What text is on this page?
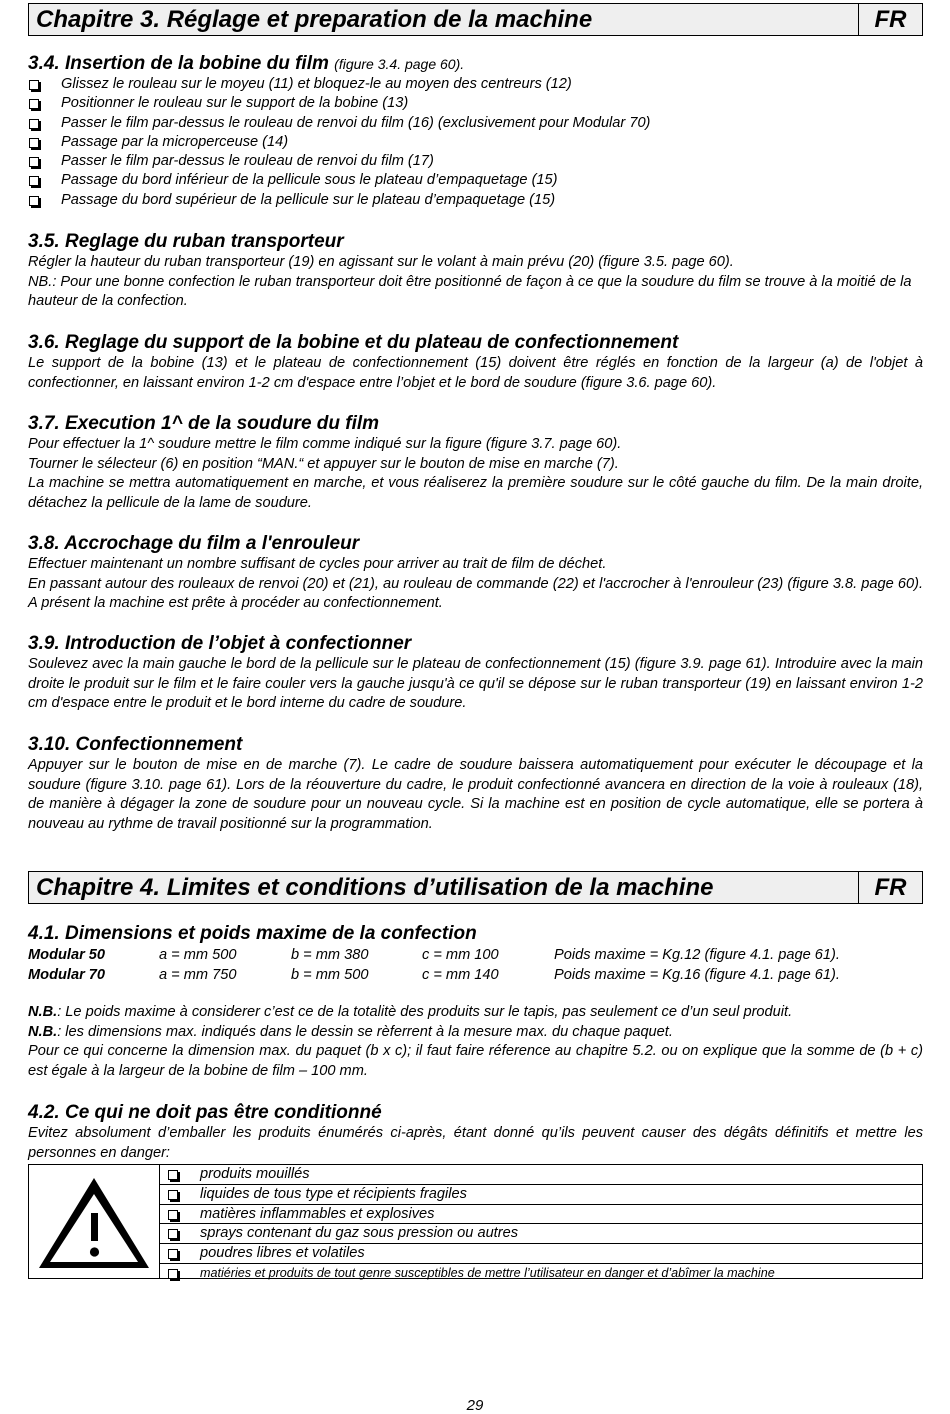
Chapitre 3. Réglage et preparation de la machine	FR
3.4. Insertion de la bobine du film (figure 3.4. page 60).
Glissez le rouleau sur le moyeu (11) et bloquez-le au moyen des centreurs (12)
Positionner le rouleau sur le support de la bobine (13)
Passer le film par-dessus le rouleau de renvoi du film (16) (exclusivement pour Modular 70)
Passage par la microperceuse (14)
Passer le film par-dessus le rouleau de renvoi du film (17)
Passage du bord inférieur de la pellicule sous le plateau d’empaquetage (15)
Passage du bord supérieur de la pellicule sur le plateau d’empaquetage (15)
3.5. Reglage du ruban transporteur
Régler la hauteur du ruban transporteur (19) en agissant sur le volant à main prévu (20) (figure 3.5. page 60).
NB.: Pour une bonne confection le ruban transporteur doit être positionné de façon à ce que la soudure du film se trouve à la moitié de la hauteur de la confection.
3.6. Reglage du support de la bobine et du plateau de confectionnement
Le support de la bobine (13) et le plateau de confectionnement (15) doivent être réglés en fonction de la largeur (a) de l'objet à confectionner, en laissant environ 1-2 cm d'espace entre l’objet et le bord de soudure (figure 3.6. page 60).
3.7. Execution 1^ de la soudure du film
Pour effectuer la 1^ soudure mettre le film comme indiqué sur la figure (figure 3.7. page 60).
Tourner le sélecteur (6) en position “MAN.“ et appuyer sur le bouton de mise en marche (7).
La machine se mettra automatiquement en marche, et vous réaliserez la première soudure sur le côté gauche du film. De la main droite, détachez la pellicule de la lame de soudure.
3.8. Accrochage du film a l'enrouleur
Effectuer maintenant un nombre suffisant de cycles pour arriver au trait de film de déchet.
En passant autour des rouleaux de renvoi (20) et (21), au rouleau de commande (22) et l'accrocher à l'enrouleur (23) (figure 3.8. page 60). A présent la machine est prête à procéder au confectionnement.
3.9. Introduction de l’objet à confectionner
Soulevez avec la main gauche le bord de la pellicule sur le plateau de confectionnement (15) (figure 3.9. page 61). Introduire avec la main droite le produit sur le film et le faire couler vers la gauche jusqu'à ce qu'il se dépose sur le ruban transporteur (19) en laissant environ 1-2 cm d'espace entre le produit et le bord interne du cadre de soudure.
3.10. Confectionnement
Appuyer sur le bouton de mise en de marche (7). Le cadre de soudure baissera automatiquement pour exécuter le découpage et la soudure (figure 3.10. page 61). Lors de la réouverture du cadre, le produit confectionné avancera en direction de la voie à rouleaux (18), de manière à dégager la zone de soudure pour un nouveau cycle. Si la machine est en position de cycle automatique, elle se portera à nouveau au rythme de travail positionné sur la programmation.
Chapitre 4. Limites et conditions d’utilisation de la machine	FR
4.1. Dimensions et poids maxime de la confection
Modular 50	a = mm 500	b = mm 380	c = mm 100	Poids maxime = Kg.12 (figure 4.1. page 61).
Modular 70	a = mm 750	b = mm 500	c = mm 140	Poids maxime = Kg.16 (figure 4.1. page 61).
N.B.: Le poids maxime à considerer c’est ce de la totalitè des produits sur le tapis, pas seulement ce d’un seul produit.
N.B.: les dimensions max. indiqués dans le dessin se rèferrent à la mesure max. du chaque paquet.
Pour ce qui concerne la dimension max. du paquet (b x c); il faut faire réference au chapitre 5.2. ou on explique que la somme de (b + c) est égale à la largeur de la bobine de film – 100 mm.
4.2. Ce qui ne doit pas être conditionné
Evitez absolument d’emballer les produits énumérés ci-après, étant donné qu’ils peuvent causer des dégâts définitifs et mettre les personnes en danger:
produits mouillés
liquides de tous type et récipients fragiles
matières inflammables et explosives
sprays contenant du gaz sous pression ou autres
poudres libres et volatiles
matiéries et produits de tout genre susceptibles de mettre l’utilisateur en danger et d’abîmer la machine
29
